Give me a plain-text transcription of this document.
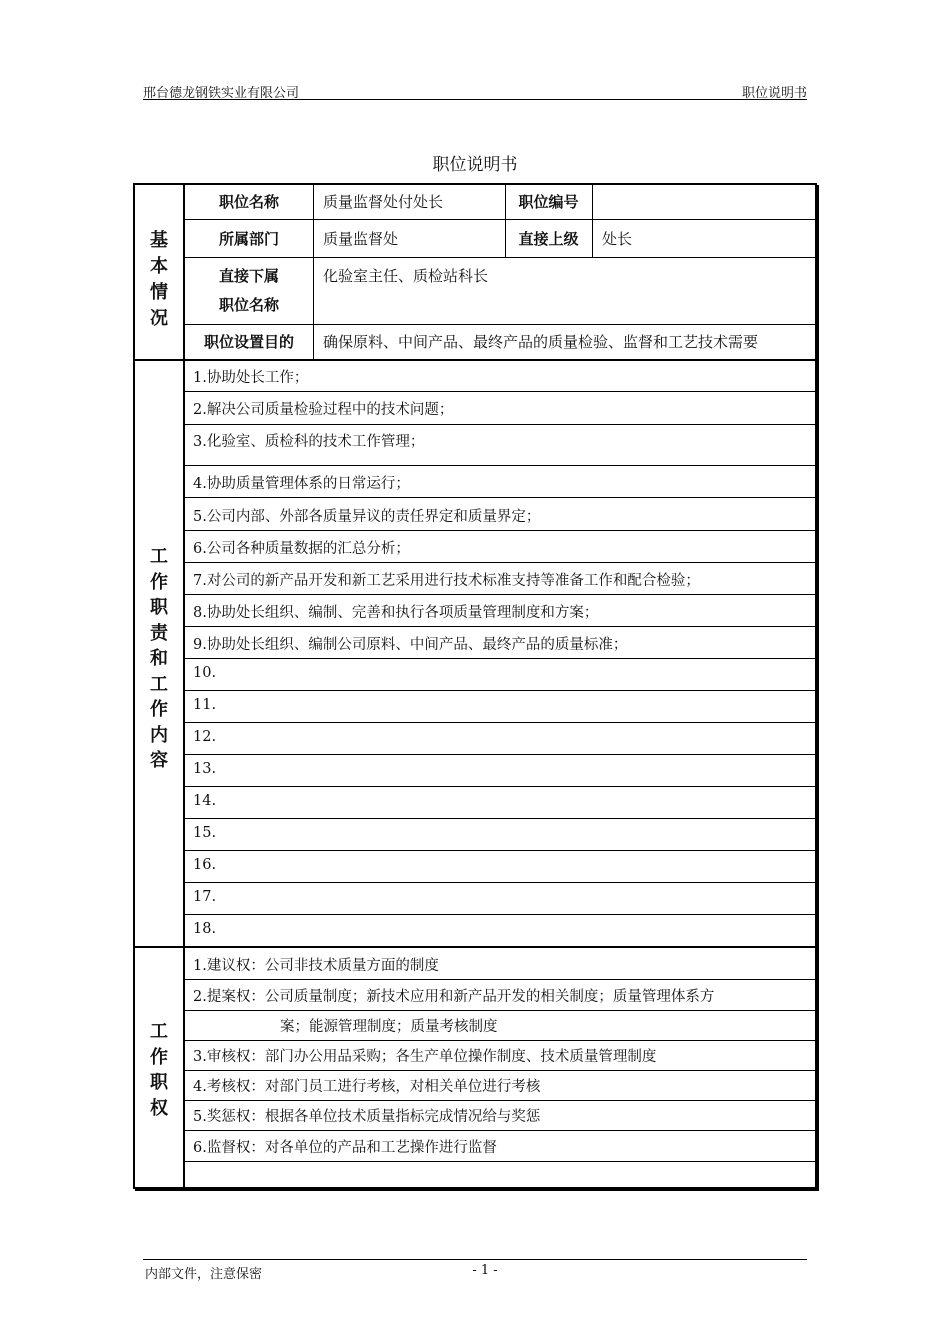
邢台德龙钢铁实业有限公司	职位说明书
职位说明书
基
本
情
况
职位名称	质量监督处付处长	职位编号
所属部门	质量监督处	直接上级	处长
直接下属
职位名称
化验室主任、质检站科长
职位设置目的	确保原料、中间产品、最终产品的质量检验、监督和工艺技术需要
工
作
职
责
和
工
作
内
容
1.协助处长工作；
2.解决公司质量检验过程中的技术问题；
3.化验室、质检科的技术工作管理；
4.协助质量管理体系的日常运行；
5.公司内部、外部各质量异议的责任界定和质量界定；
6.公司各种质量数据的汇总分析；
7.对公司的新产品开发和新工艺采用进行技术标准支持等准备工作和配合检验；
8.协助处长组织、编制、完善和执行各项质量管理制度和方案；
9.协助处长组织、编制公司原料、中间产品、最终产品的质量标准；
10.
11.
12.
13.
14.
15.
16.
17.
18.
工
作
职
权
1.建议权：公司非技术质量方面的制度
2.提案权：公司质量制度；新技术应用和新产品开发的相关制度；质量管理体系方
案；能源管理制度；质量考核制度
3.审核权：部门办公用品采购；各生产单位操作制度、技术质量管理制度
4.考核权：对部门员工进行考核，对相关单位进行考核
5.奖惩权：根据各单位技术质量指标完成情况给与奖惩
6.监督权：对各单位的产品和工艺操作进行监督
内部文件，注意保密	- 1 -
